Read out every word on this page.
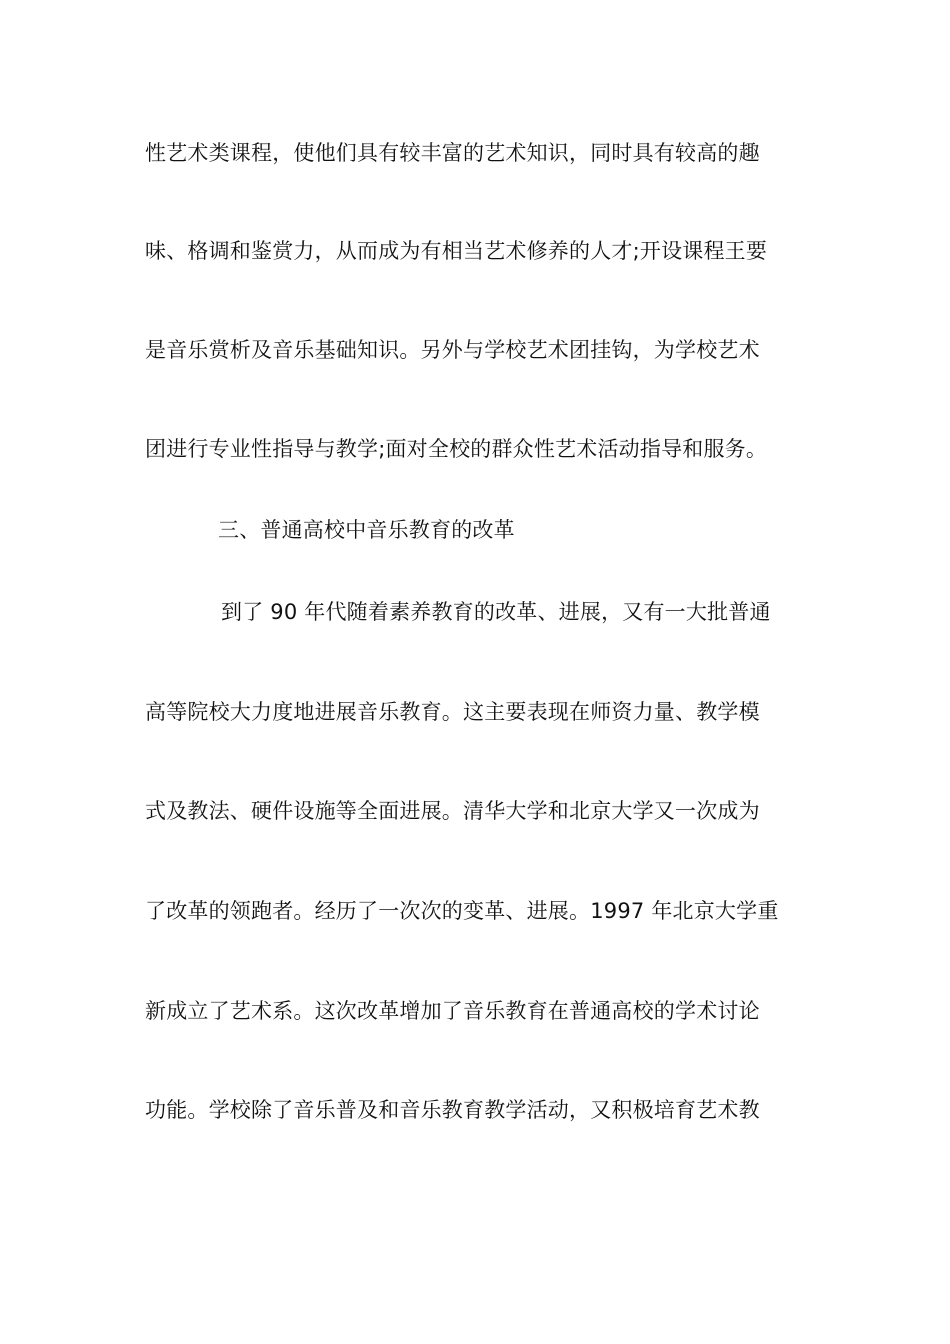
性艺术类课程，使他们具有较丰富的艺术知识，同时具有较高的趣
味、格调和鉴赏力，从而成为有相当艺术修养的人才;开设课程王要
是音乐赏析及音乐基础知识。另外与学校艺术团挂钩，为学校艺术
团进行专业性指导与教学;面对全校的群众性艺术活动指导和服务。
三、普通高校中音乐教育的改革
到了 90 年代随着素养教育的改革、进展，又有一大批普通
高等院校大力度地进展音乐教育。这主要表现在师资力量、教学模
式及教法、硬件设施等全面进展。清华大学和北京大学又一次成为
了改革的领跑者。经历了一次次的变革、进展。1997 年北京大学重
新成立了艺术系。这次改革增加了音乐教育在普通高校的学术讨论
功能。学校除了音乐普及和音乐教育教学活动，又积极培育艺术教
